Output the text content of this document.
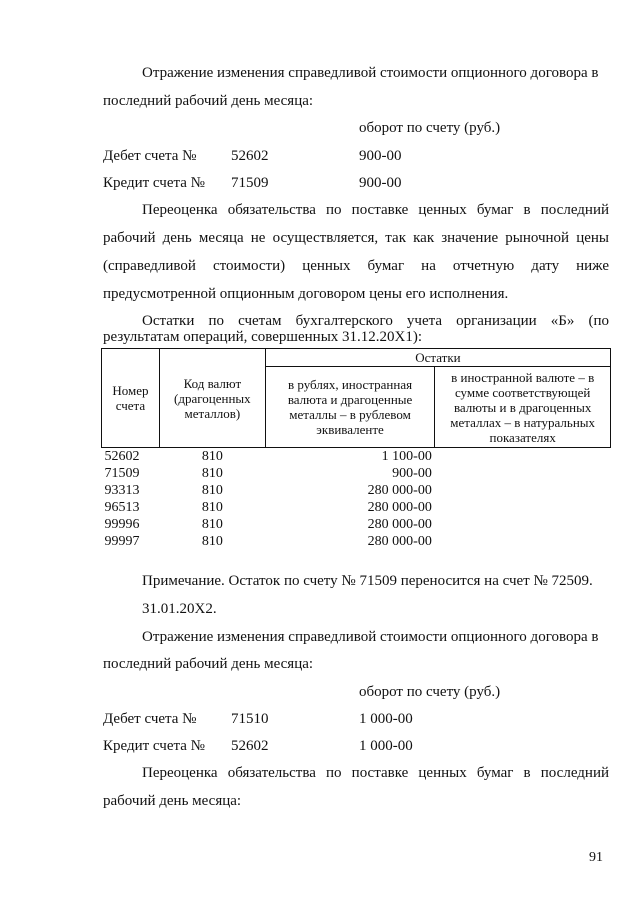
Отражение изменения справедливой стоимости опционного договора в
последний рабочий день месяца:
оборот по счету (руб.)
Дебет счета № 52602	900-00
Кредит счета № 71509	900-00
Переоценка обязательства по поставке ценных бумаг в последний
рабочий день месяца не осуществляется, так как значение рыночной цены
(справедливой стоимости) ценных бумаг на отчетную дату ниже
предусмотренной опционным договором цены его исполнения.
Остатки по счетам бухгалтерского учета организации «Б» (по
результатам операций, совершенных 31.12.20Х1):
Номер счета	Код валют (драгоценных металлов)	Остатки	
		в рублях, иностранная валюта и драгоценные металлы – в рублевом эквиваленте	в иностранной валюте – в сумме соответствующей валюты и в драгоценных металлах – в натуральных показателях
52602	810	1 100-00	
71509	810	900-00	
93313	810	280 000-00	
96513	810	280 000-00	
99996	810	280 000-00	
99997	810	280 000-00	
Примечание. Остаток по счету № 71509 переносится на счет № 72509.
31.01.20Х2.
Отражение изменения справедливой стоимости опционного договора в
последний рабочий день месяца:
оборот по счету (руб.)
Дебет счета № 71510	1 000-00
Кредит счета № 52602	1 000-00
Переоценка обязательства по поставке ценных бумаг в последний
рабочий день месяца:
91
